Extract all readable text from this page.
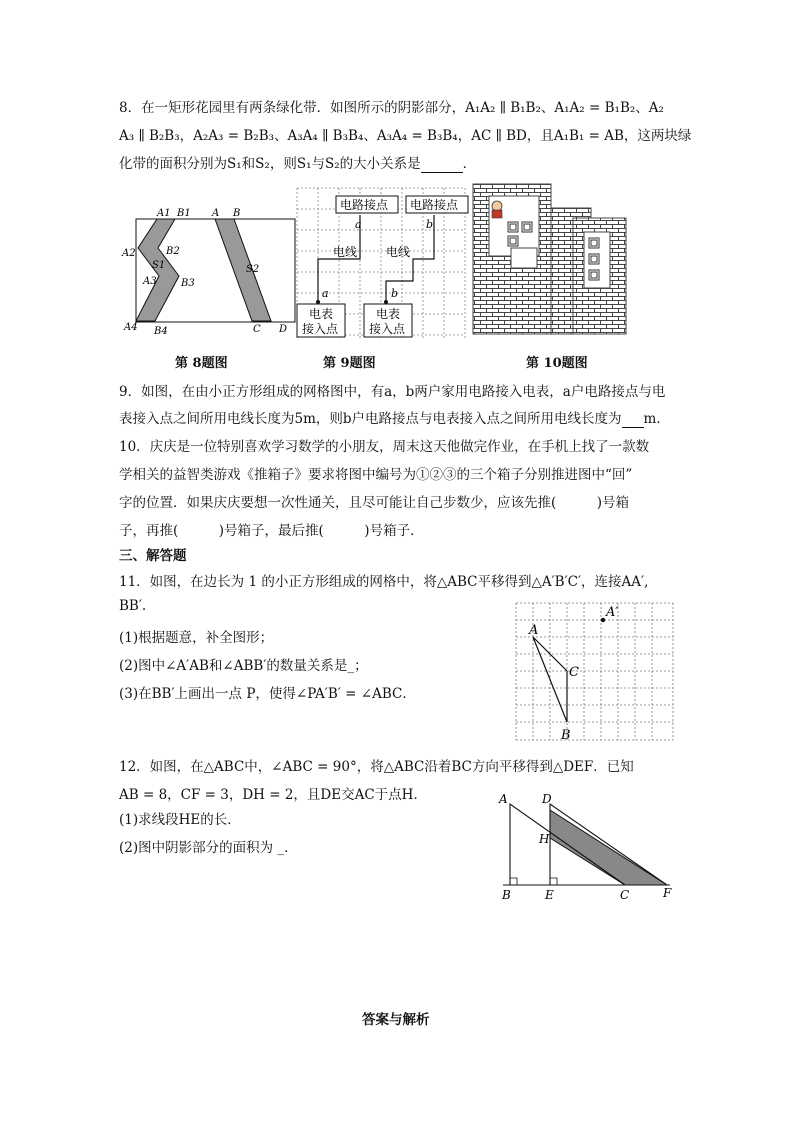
8．在一矩形花园里有两条绿化带．如图所示的阴影部分，A₁A₂ ∥ B₁B₂、A₁A₂ = B₁B₂、A₂
A₃ ∥ B₂B₃，A₂A₃ = B₂B₃、A₃A₄ ∥ B₃B₄、A₃A₄ = B₃B₄，AC ∥ BD，且A₁B₁ = AB，这两块绿
化带的面积分别为S₁和S₂，则S₁与S₂的大小关系是	．
A1 B1 A B
A2	B2
S1	S2
A3 B3
A4 B4	C D
电路接点 电路接点
a	b
电线 电线
a	b
电表
接入点
电表
接入点
第 8题图	第 9题图	第 10题图
9．如图，在由小正方形组成的网格图中，有a，b两户家用电路接入电表，a户电路接点与电
表接入点之间所用电线长度为5m，则b户电路接点与电表接入点之间所用电线长度为 m．
10．庆庆是一位特别喜欢学习数学的小朋友，周末这天他做完作业，在手机上找了一款数
学相关的益智类游戏《推箱子》要求将图中编号为①②③的三个箱子分别推进图中“回”
字的位置．如果庆庆要想一次性通关，且尽可能让自己步数少，应该先推(　　　)号箱
子，再推(　　　)号箱子，最后推(　　　)号箱子．
三、解答题
11．如图，在边长为 1 的小正方形组成的网格中，将△ABC平移得到△A′B′C′，连接AA′,
BB′.
(1)根据题意，补全图形；
(2)图中∠A′AB和∠ABB′的数量关系是_；
(3)在BB′上画出一点 P，使得∠PA′B′ = ∠ABC．
A
A′
C
B
12．如图，在△ABC中，∠ABC = 90°，将△ABC沿着BC方向平移得到△DEF．已知
AB = 8，CF = 3，DH = 2，且DE交AC于点H．
(1)求线段HE的长．
(2)图中阴影部分的面积为 _．
A	D
H
B	E	C	F
答案与解析
